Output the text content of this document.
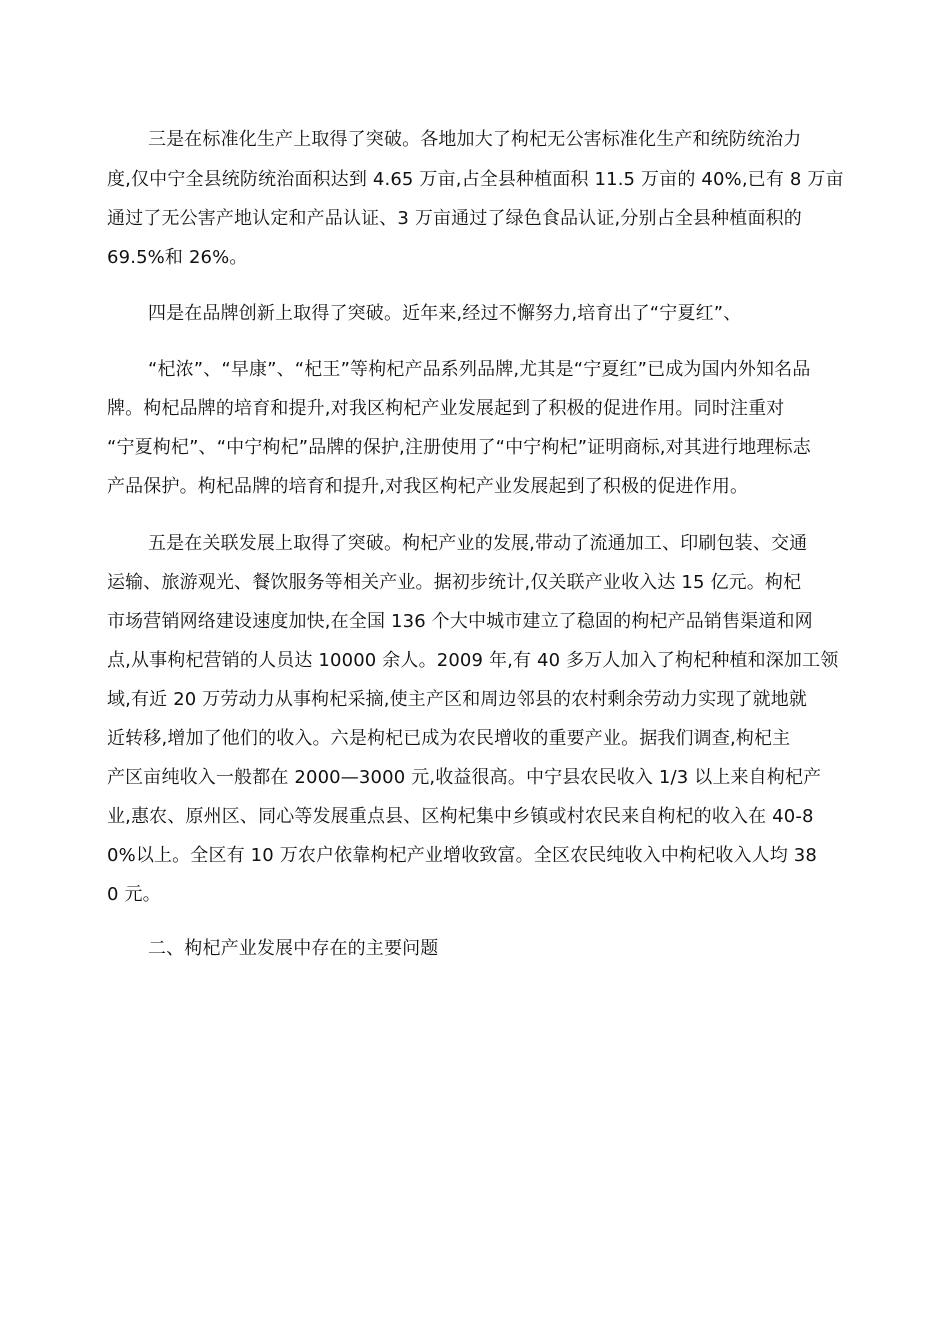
三是在标准化生产上取得了突破。各地加大了枸杞无公害标准化生产和统防统治力
度,仅中宁全县统防统治面积达到 4.65 万亩,占全县种植面积 11.5 万亩的 40%,已有 8 万亩
通过了无公害产地认定和产品认证、3 万亩通过了绿色食品认证,分别占全县种植面积的
69.5%和 26%。
四是在品牌创新上取得了突破。近年来,经过不懈努力,培育出了“宁夏红”、
“杞浓”、“早康”、“杞王”等枸杞产品系列品牌,尤其是“宁夏红”已成为国内外知名品
牌。枸杞品牌的培育和提升,对我区枸杞产业发展起到了积极的促进作用。同时注重对
“宁夏枸杞”、“中宁枸杞”品牌的保护,注册使用了“中宁枸杞”证明商标,对其进行地理标志
产品保护。枸杞品牌的培育和提升,对我区枸杞产业发展起到了积极的促进作用。
五是在关联发展上取得了突破。枸杞产业的发展,带动了流通加工、印刷包装、交通
运输、旅游观光、餐饮服务等相关产业。据初步统计,仅关联产业收入达 15 亿元。枸杞
市场营销网络建设速度加快,在全国 136 个大中城市建立了稳固的枸杞产品销售渠道和网
点,从事枸杞营销的人员达 10000 余人。2009 年,有 40 多万人加入了枸杞种植和深加工领
域,有近 20 万劳动力从事枸杞采摘,使主产区和周边邻县的农村剩余劳动力实现了就地就
近转移,增加了他们的收入。六是枸杞已成为农民增收的重要产业。据我们调查,枸杞主
产区亩纯收入一般都在 2000—3000 元,收益很高。中宁县农民收入 1/3 以上来自枸杞产
业,惠农、原州区、同心等发展重点县、区枸杞集中乡镇或村农民来自枸杞的收入在 40-8
0%以上。全区有 10 万农户依靠枸杞产业增收致富。全区农民纯收入中枸杞收入人均 38
0 元。
二、枸杞产业发展中存在的主要问题
